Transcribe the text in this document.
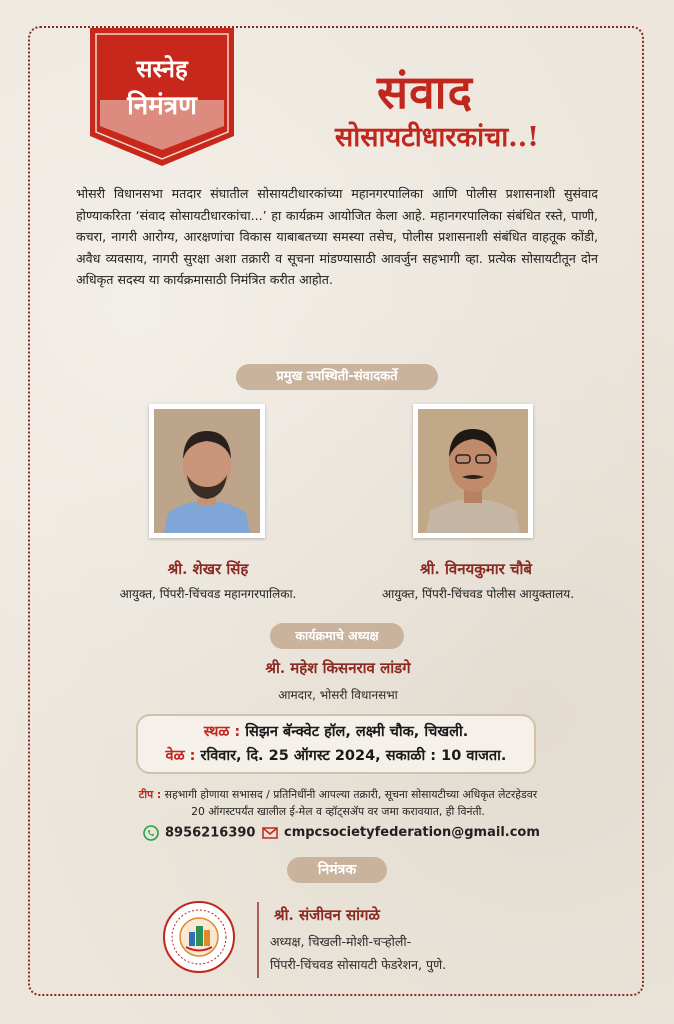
सस्नेह
निमंत्रण	संवाद
सोसायटीधारकांचा..!
भोसरी विधानसभा मतदार संघातील सोसायटीधारकांच्या महानगरपालिका आणि पोलीस प्रशासनाशी सुसंवाद होण्याकरिता ‘संवाद सोसायटीधारकांचा...’ हा कार्यक्रम आयोजित केला आहे. महानगरपालिका संबंधित रस्ते, पाणी, कचरा, नागरी आरोग्य, आरक्षणांचा विकास याबाबतच्या समस्या तसेच, पोलीस प्रशासनाशी संबंधित वाहतूक कोंडी, अवैध व्यवसाय, नागरी सुरक्षा अशा तक्रारी व सूचना मांडण्यासाठी आवर्जुन सहभागी व्हा. प्रत्येक सोसायटीतून दोन अधिकृत सदस्य या कार्यक्रमासाठी निमंत्रित करीत आहोत.
प्रमुख उपस्थिती-संवादकर्ते
श्री. शेखर सिंह
आयुक्त, पिंपरी-चिंचवड महानगरपालिका.
श्री. विनयकुमार चौबे
आयुक्त, पिंपरी-चिंचवड पोलीस आयुक्तालय.
कार्यक्रमाचे अध्यक्ष
श्री. महेश किसनराव लांडगे
आमदार, भोसरी विधानसभा
स्थळ : सिझन बॅन्क्वेट हॉल, लक्ष्मी चौक, चिखली.
वेळ : रविवार, दि. 25 ऑगस्ट 2024, सकाळी : 10 वाजता.
टीप : सहभागी होणाया सभासद / प्रतिनिधींनी आपल्या तक्रारी, सूचना सोसायटीच्या अधिकृत लेटरहेडवर
20 ऑगस्टपर्यंत खालील ई-मेल व व्हॉट्सॲप वर जमा करावयात, ही विनंती.
8956216390	cmpcsocietyfederation@gmail.com
निमंत्रक
श्री. संजीवन सांगळे
अध्यक्ष, चिखली-मोशी-चऱ्होली-
पिंपरी-चिंचवड सोसायटी फेडरेशन, पुणे.
